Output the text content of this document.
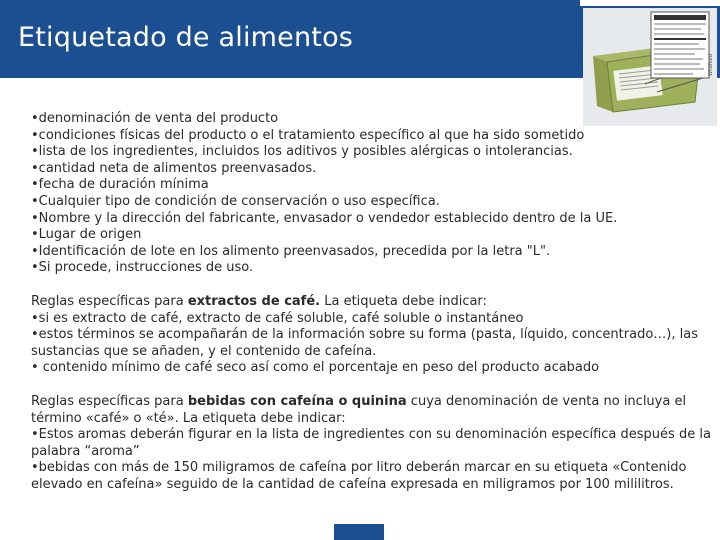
Etiquetado de alimentos
Wildfeed

•denominación de venta del producto

•condiciones físicas del producto o el tratamiento específico al que ha sido sometido

•lista de los ingredientes, incluidos los aditivos y posibles alérgicas o intolerancias.

•cantidad neta de alimentos preenvasados.

•fecha de duración mínima

•Cualquier tipo de condición de conservación o uso específica.

•Nombre y la dirección del fabricante, envasador o vendedor establecido dentro de la UE.

•Lugar de origen

•Identificación de lote en los alimento preenvasados, precedida por la letra "L".

•Si procede, instrucciones de uso.

Reglas específicas para extractos de café. La etiqueta debe indicar:

•si es extracto de café, extracto de café soluble, café soluble o instantáneo

•estos términos se acompañarán de la información sobre su forma (pasta, líquido, concentrado…), las sustancias que se añaden, y el contenido de cafeína.

• contenido mínimo de café seco así como el porcentaje en peso del producto acabado

Reglas específicas para bebidas con cafeína o quinina cuya denominación de venta no incluya el término «café» o «té». La etiqueta debe indicar:

•Estos aromas deberán figurar en la lista de ingredientes con su denominación específica después de la palabra “aroma”

•bebidas con más de 150 miligramos de cafeína por litro deberán marcar en su etiqueta «Contenido elevado en cafeína» seguido de la cantidad de cafeína expresada en miligramos por 100 mililitros.
